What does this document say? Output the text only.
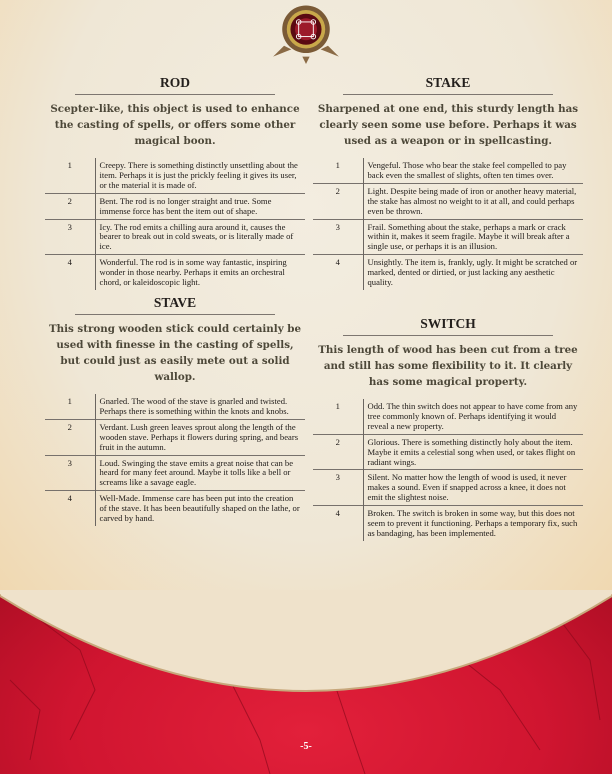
ROD
Scepter-like, this object is used to enhance the casting of spells, or offers some other magical boon.
1	Creepy. There is something distinctly unsettling about the item. Perhaps it is just the prickly feeling it gives its user, or the material it is made of.
2	Bent. The rod is no longer straight and true. Some immense force has bent the item out of shape.
3	Icy. The rod emits a chilling aura around it, causes the bearer to break out in cold sweats, or is literally made of ice.
4	Wonderful. The rod is in some way fantastic, inspiring wonder in those nearby. Perhaps it emits an orchestral chord, or kaleidoscopic light.
STAVE
This strong wooden stick could certainly be used with finesse in the casting of spells, but could just as easily mete out a solid wallop.
1	Gnarled. The wood of the stave is gnarled and twisted. Perhaps there is something within the knots and knobs.
2	Verdant. Lush green leaves sprout along the length of the wooden stave. Perhaps it flowers during spring, and bears fruit in the autumn.
3	Loud. Swinging the stave emits a great noise that can be heard for many feet around. Maybe it tolls like a bell or screams like a savage eagle.
4	Well-Made. Immense care has been put into the creation of the stave. It has been beautifully shaped on the lathe, or carved by hand.
STAKE
Sharpened at one end, this sturdy length has clearly seen some use before. Perhaps it was used as a weapon or in spellcasting.
1	Vengeful. Those who bear the stake feel compelled to pay back even the smallest of slights, often ten times over.
2	Light. Despite being made of iron or another heavy material, the stake has almost no weight to it at all, and could perhaps even be thrown.
3	Frail. Something about the stake, perhaps a mark or crack within it, makes it seem fragile. Maybe it will break after a single use, or perhaps it is an illusion.
4	Unsightly. The item is, frankly, ugly. It might be scratched or marked, dented or dirtied, or just lacking any aesthetic quality.
SWITCH
This length of wood has been cut from a tree and still has some flexibility to it. It clearly has some magical property.
1	Odd. The thin switch does not appear to have come from any tree commonly known of. Perhaps identifying it would reveal a new property.
2	Glorious. There is something distinctly holy about the item. Maybe it emits a celestial song when used, or takes flight on radiant wings.
3	Silent. No matter how the length of wood is used, it never makes a sound. Even if snapped across a knee, it does not emit the slightest noise.
4	Broken. The switch is broken in some way, but this does not seem to prevent it functioning. Perhaps a temporary fix, such as bandaging, has been implemented.
-5-
